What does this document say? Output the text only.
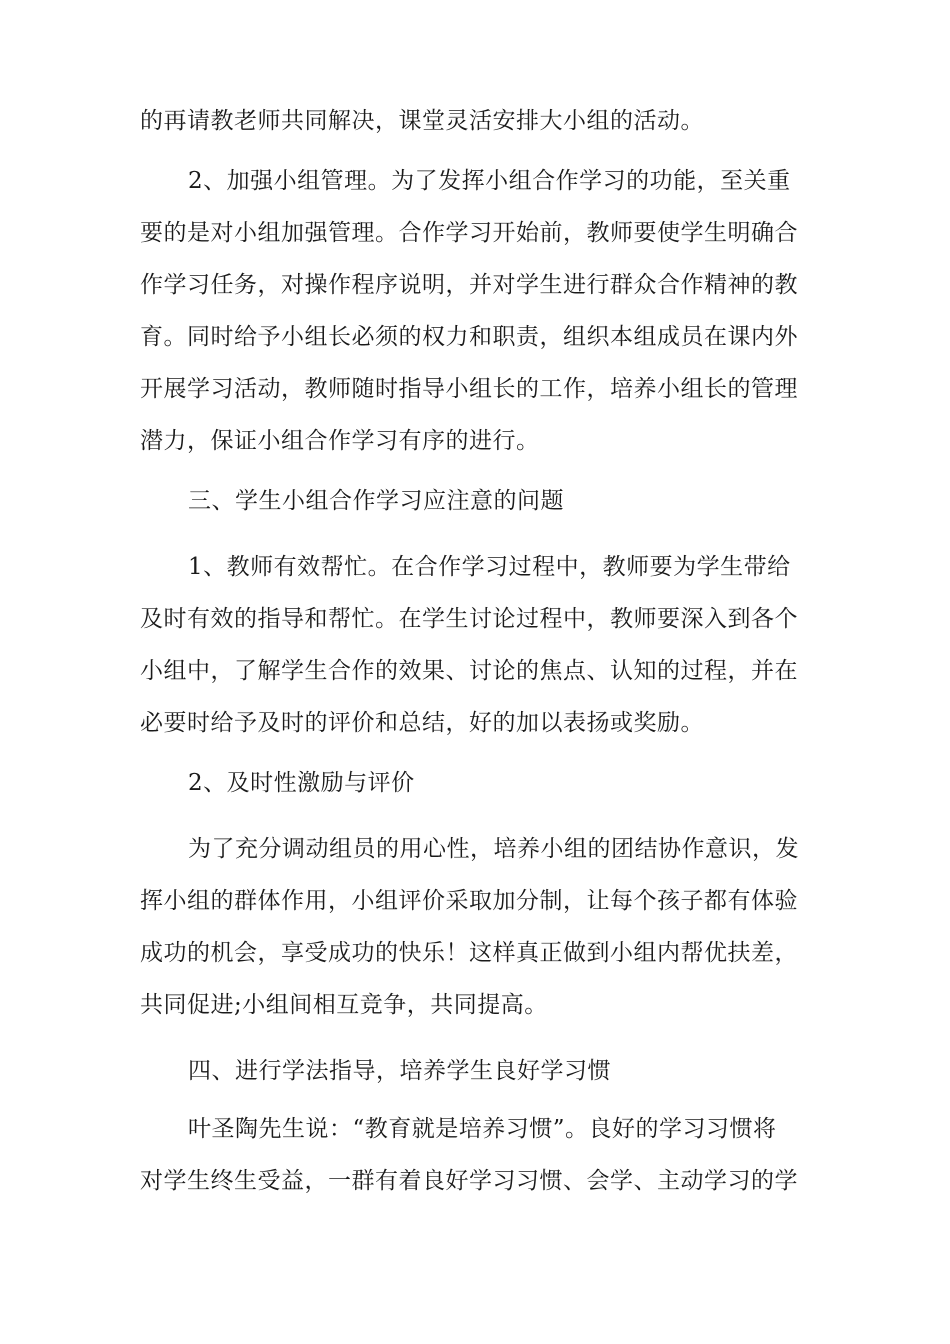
的再请教老师共同解决，课堂灵活安排大小组的活动。
2、加强小组管理。为了发挥小组合作学习的功能，至关重
要的是对小组加强管理。合作学习开始前，教师要使学生明确合
作学习任务，对操作程序说明，并对学生进行群众合作精神的教
育。同时给予小组长必须的权力和职责，组织本组成员在课内外
开展学习活动，教师随时指导小组长的工作，培养小组长的管理
潜力，保证小组合作学习有序的进行。
三、学生小组合作学习应注意的问题
1、教师有效帮忙。在合作学习过程中，教师要为学生带给
及时有效的指导和帮忙。在学生讨论过程中，教师要深入到各个
小组中，了解学生合作的效果、讨论的焦点、认知的过程，并在
必要时给予及时的评价和总结，好的加以表扬或奖励。
2、及时性激励与评价
为了充分调动组员的用心性，培养小组的团结协作意识，发
挥小组的群体作用，小组评价采取加分制，让每个孩子都有体验
成功的机会，享受成功的快乐！这样真正做到小组内帮优扶差，
共同促进;小组间相互竞争，共同提高。
四、进行学法指导，培养学生良好学习惯
叶圣陶先生说：“教育就是培养习惯”。良好的学习习惯将
对学生终生受益，一群有着良好学习习惯、会学、主动学习的学
